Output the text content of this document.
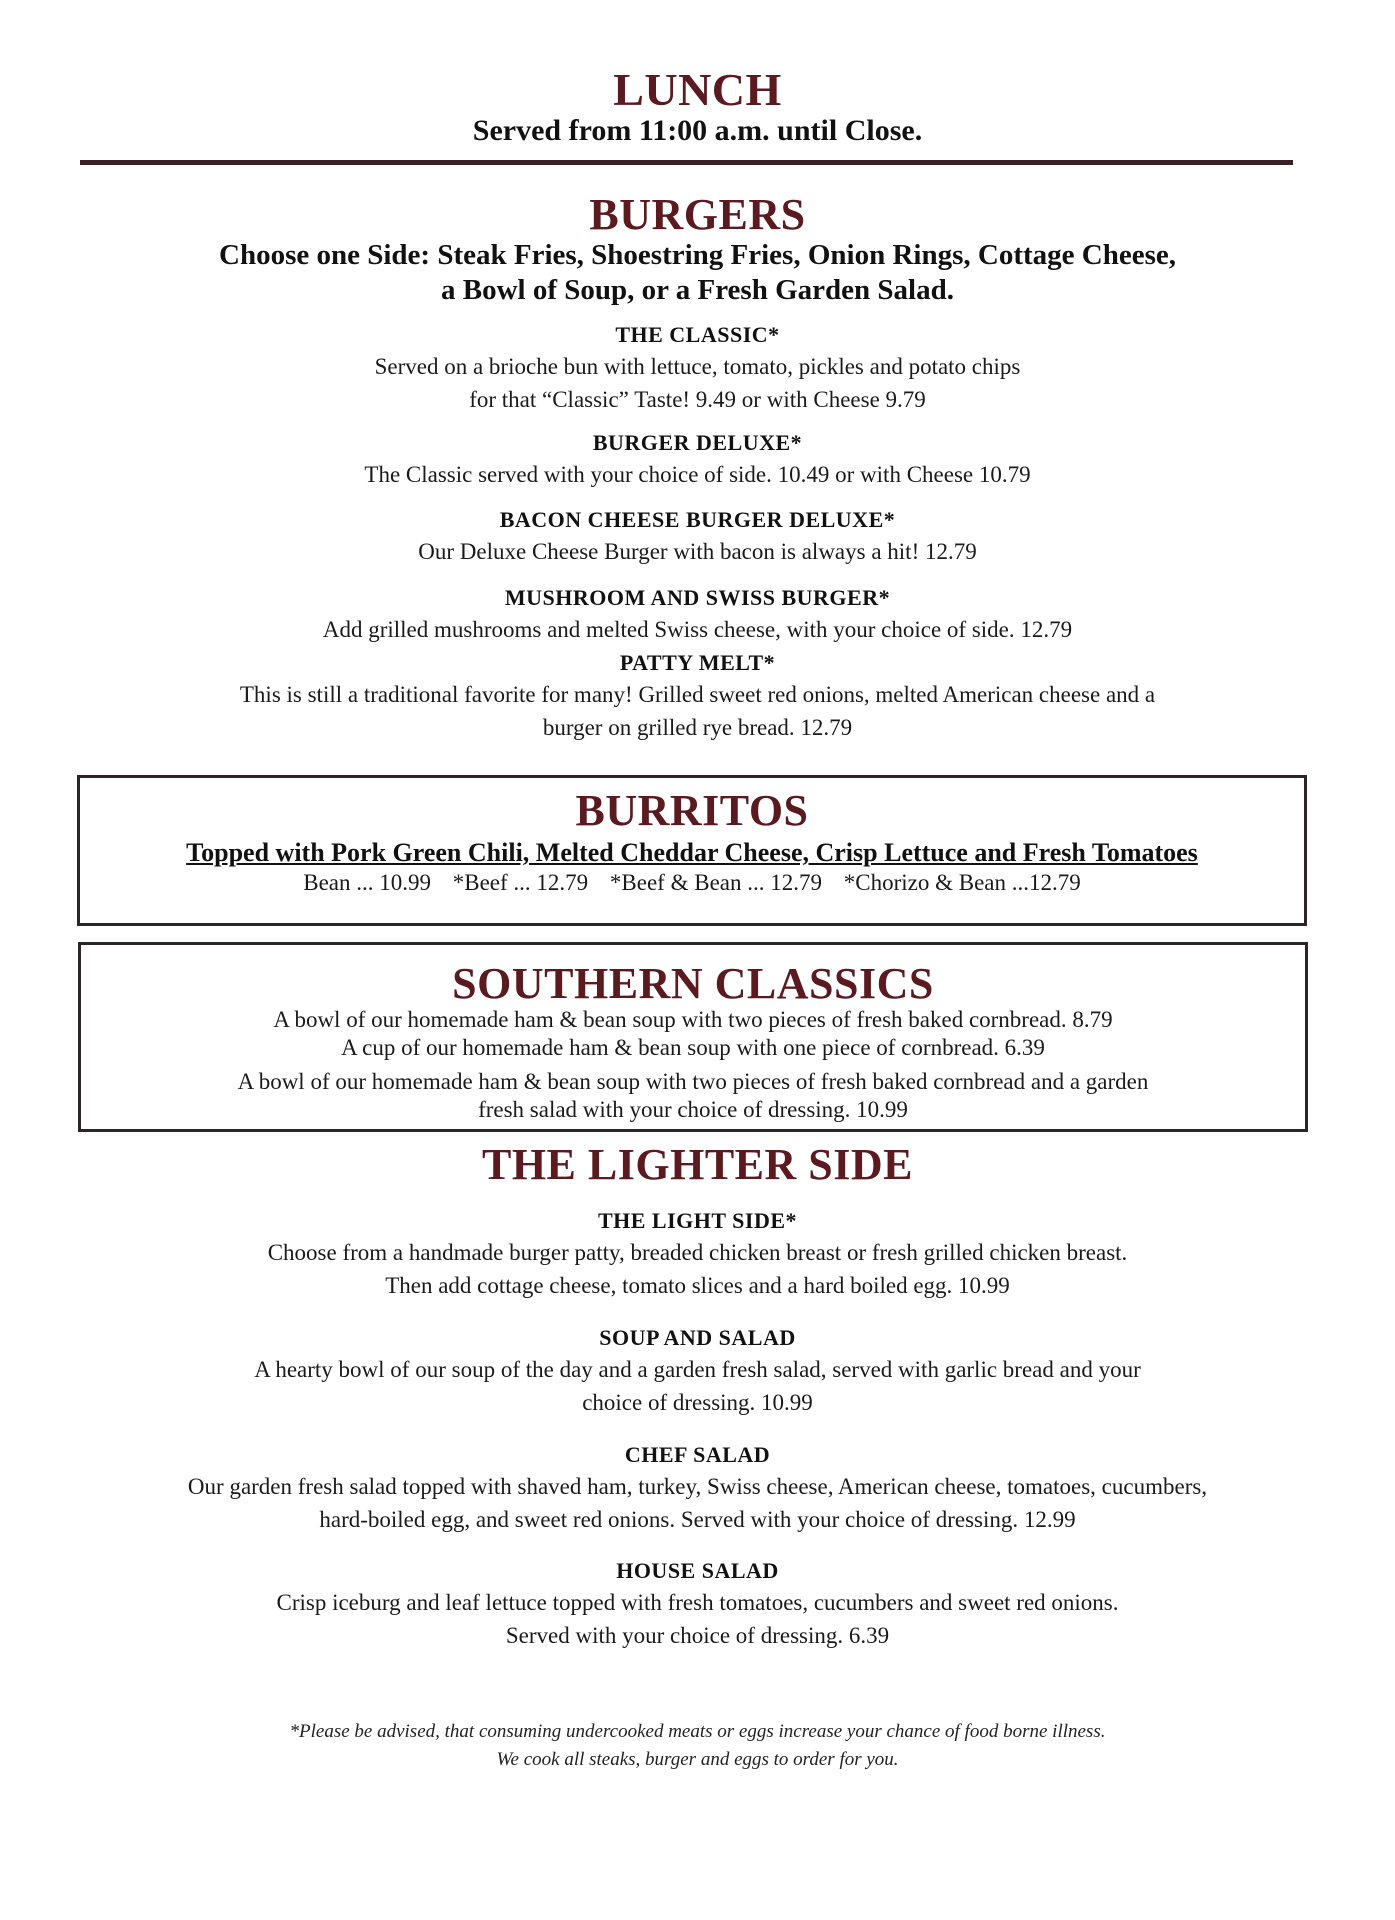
LUNCH
Served from 11:00 a.m. until Close.
BURGERS
Choose one Side: Steak Fries, Shoestring Fries, Onion Rings, Cottage Cheese,
a Bowl of Soup, or a Fresh Garden Salad.
THE CLASSIC*
Served on a brioche bun with lettuce, tomato, pickles and potato chips
for that “Classic” Taste! 9.49 or with Cheese 9.79
BURGER DELUXE*
The Classic served with your choice of side. 10.49 or with Cheese 10.79
BACON CHEESE BURGER DELUXE*
Our Deluxe Cheese Burger with bacon is always a hit! 12.79
MUSHROOM AND SWISS BURGER*
Add grilled mushrooms and melted Swiss cheese, with your choice of side. 12.79
PATTY MELT*
This is still a traditional favorite for many! Grilled sweet red onions, melted American cheese and a
burger on grilled rye bread. 12.79
BURRITOS
Topped with Pork Green Chili, Melted Cheddar Cheese, Crisp Lettuce and Fresh Tomatoes
Bean ... 10.99 *Beef ... 12.79 *Beef & Bean ... 12.79 *Chorizo & Bean ...12.79
SOUTHERN CLASSICS
A bowl of our homemade ham & bean soup with two pieces of fresh baked cornbread. 8.79
A cup of our homemade ham & bean soup with one piece of cornbread. 6.39
A bowl of our homemade ham & bean soup with two pieces of fresh baked cornbread and a garden
fresh salad with your choice of dressing. 10.99
THE LIGHTER SIDE
THE LIGHT SIDE*
Choose from a handmade burger patty, breaded chicken breast or fresh grilled chicken breast.
Then add cottage cheese, tomato slices and a hard boiled egg. 10.99
SOUP AND SALAD
A hearty bowl of our soup of the day and a garden fresh salad, served with garlic bread and your
choice of dressing. 10.99
CHEF SALAD
Our garden fresh salad topped with shaved ham, turkey, Swiss cheese, American cheese, tomatoes, cucumbers,
hard-boiled egg, and sweet red onions. Served with your choice of dressing. 12.99
HOUSE SALAD
Crisp iceburg and leaf lettuce topped with fresh tomatoes, cucumbers and sweet red onions.
Served with your choice of dressing. 6.39
*Please be advised, that consuming undercooked meats or eggs increase your chance of food borne illness.
We cook all steaks, burger and eggs to order for you.
